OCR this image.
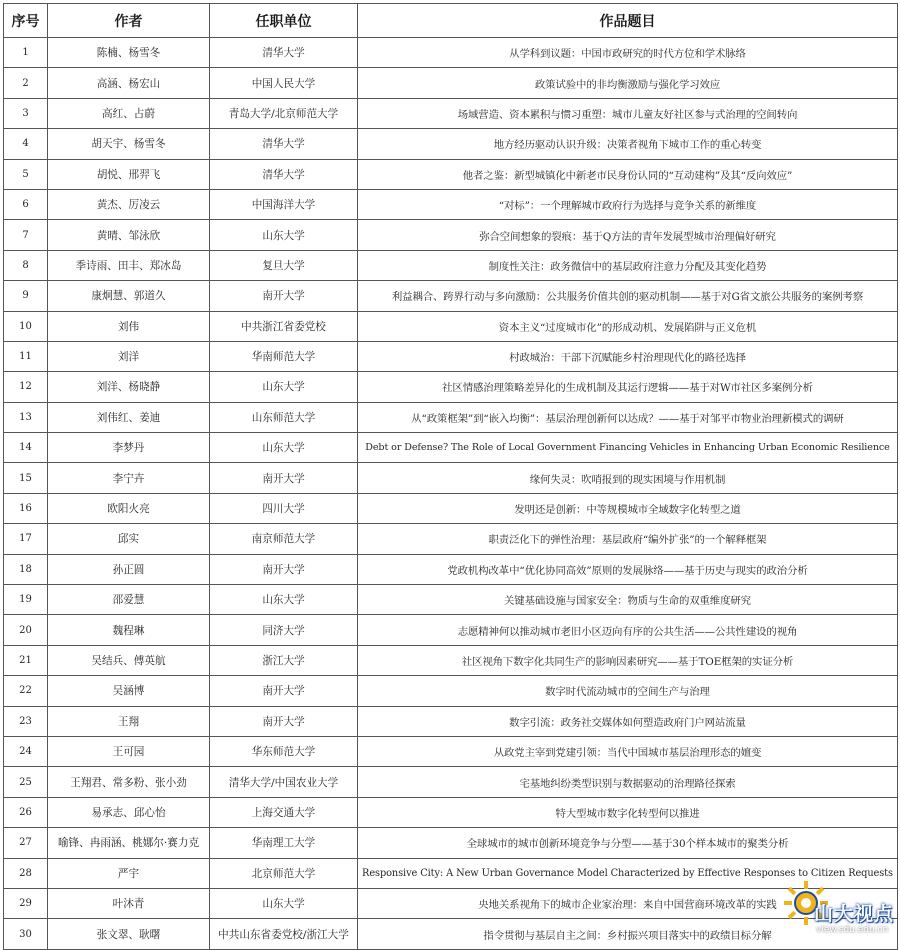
序号	作者	任职单位	作品题目
1	陈楠、杨雪冬	清华大学	从学科到议题：中国市政研究的时代方位和学术脉络
2	高涵、杨宏山	中国人民大学	政策试验中的非均衡激励与强化学习效应
3	高红、占蔚	青岛大学/北京师范大学	场域营造、资本累积与惯习重塑：城市儿童友好社区参与式治理的空间转向
4	胡天宇、杨雪冬	清华大学	地方经历驱动认识升级：决策者视角下城市工作的重心转变
5	胡悦、邢羿飞	清华大学	他者之鉴：新型城镇化中新老市民身份认同的“互动建构”及其“反向效应”
6	黄杰、厉凌云	中国海洋大学	“对标”：一个理解城市政府行为选择与竞争关系的新维度
7	黄晴、邹泳欣	山东大学	弥合空间想象的裂痕：基于Q方法的青年发展型城市治理偏好研究
8	季诗雨、田丰、郑冰岛	复旦大学	制度性关注：政务微信中的基层政府注意力分配及其变化趋势
9	康炯慧、郭道久	南开大学	利益耦合、跨界行动与多向激励：公共服务价值共创的驱动机制——基于对G省文旅公共服务的案例考察
10	刘伟	中共浙江省委党校	资本主义“过度城市化”的形成动机、发展陷阱与正义危机
11	刘洋	华南师范大学	村政城治：干部下沉赋能乡村治理现代化的路径选择
12	刘洋、杨晓静	山东大学	社区情感治理策略差异化的生成机制及其运行逻辑——基于对W市社区多案例分析
13	刘伟红、姜迪	山东师范大学	从“政策框架”到“嵌入均衡”：基层治理创新何以达成？——基于对邹平市物业治理新模式的调研
14	李梦丹	山东大学	Debt or Defense? The Role of Local Government Financing Vehicles in Enhancing Urban Economic Resilience
15	李宁卉	南开大学	缘何失灵：吹哨报到的现实困境与作用机制
16	欧阳火亮	四川大学	发明还是创新：中等规模城市全域数字化转型之道
17	邱实	南京师范大学	职责泛化下的弹性治理：基层政府“编外扩张”的一个解释框架
18	孙正圆	南开大学	党政机构改革中“优化协同高效”原则的发展脉络——基于历史与现实的政治分析
19	邵爱慧	山东大学	关键基础设施与国家安全：物质与生命的双重维度研究
20	魏程琳	同济大学	志愿精神何以推动城市老旧小区迈向有序的公共生活——公共性建设的视角
21	吴结兵、傅英航	浙江大学	社区视角下数字化共同生产的影响因素研究——基于TOE框架的实证分析
22	吴涵博	南开大学	数字时代流动城市的空间生产与治理
23	王翔	南开大学	数字引流：政务社交媒体如何塑造政府门户网站流量
24	王可园	华东师范大学	从政党主宰到党建引领：当代中国城市基层治理形态的嬗变
25	王翔君、常多粉、张小劲	清华大学/中国农业大学	宅基地纠纷类型识别与数据驱动的治理路径探索
26	易承志、邱心怡	上海交通大学	特大型城市数字化转型何以推进
27	喻锋、冉雨涵、桃娜尔·赛力克	华南理工大学	全球城市的城市创新环境竞争与分型——基于30个样本城市的聚类分析
28	严宇	北京师范大学	Responsive City: A New Urban Governance Model Characterized by Effective Responses to Citizen Requests
29	叶沐青	山东大学	央地关系视角下的城市企业家治理：来自中国营商环境改革的实践
30	张文翠、耿曙	中共山东省委党校/浙江大学	指令贯彻与基层自主之间：乡村振兴项目落实中的政绩目标分解
山大视点
view.sdu.edu.cn
